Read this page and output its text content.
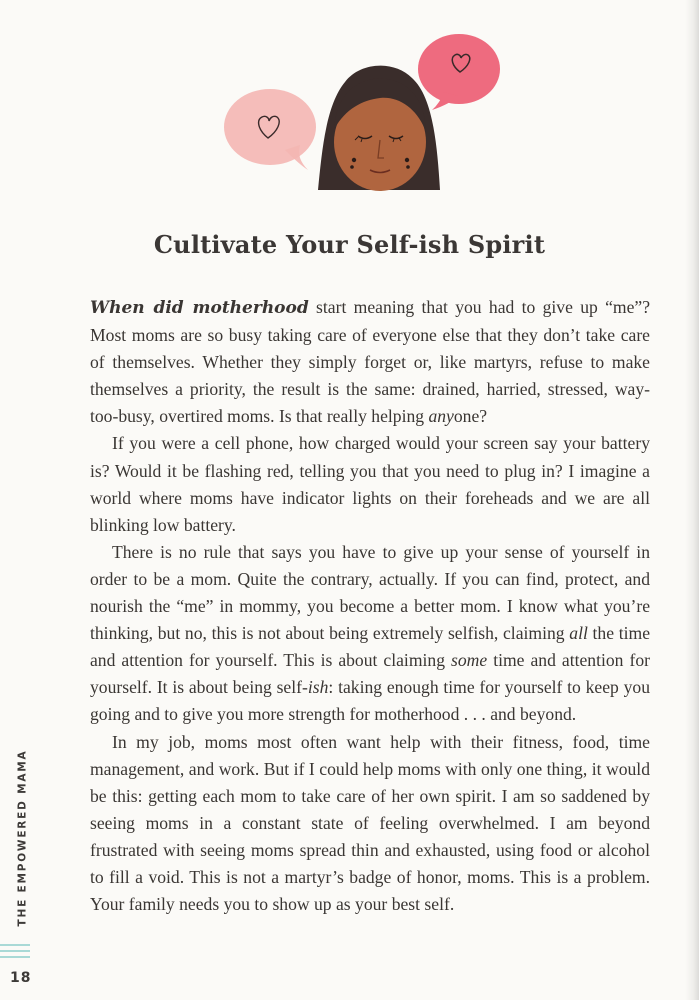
Cultivate Your Self-ish Spirit

When did motherhood start meaning that you had to give up “me”? Most moms are so busy taking care of everyone else that they don’t take care of themselves. Whether they simply forget or, like martyrs, refuse to make themselves a priority, the result is the same: drained, harried, stressed, way-too-busy, overtired moms. Is that really helping anyone?

If you were a cell phone, how charged would your screen say your battery is? Would it be flashing red, telling you that you need to plug in? I imagine a world where moms have indicator lights on their foreheads and we are all blinking low battery.

There is no rule that says you have to give up your sense of yourself in order to be a mom. Quite the contrary, actually. If you can find, protect, and nourish the “me” in mommy, you become a better mom. I know what you’re thinking, but no, this is not about being extremely selfish, claiming all the time and attention for yourself. This is about claiming some time and attention for yourself. It is about being self-ish: taking enough time for yourself to keep you going and to give you more strength for motherhood . . . and beyond.

In my job, moms most often want help with their fitness, food, time management, and work. But if I could help moms with only one thing, it would be this: getting each mom to take care of her own spirit. I am so saddened by seeing moms in a constant state of feeling overwhelmed. I am beyond frustrated with seeing moms spread thin and exhausted, using food or alcohol to fill a void. This is not a martyr’s badge of honor, moms. This is a problem. Your family needs you to show up as your best self.

THE EMPOWERED MAMA
18
